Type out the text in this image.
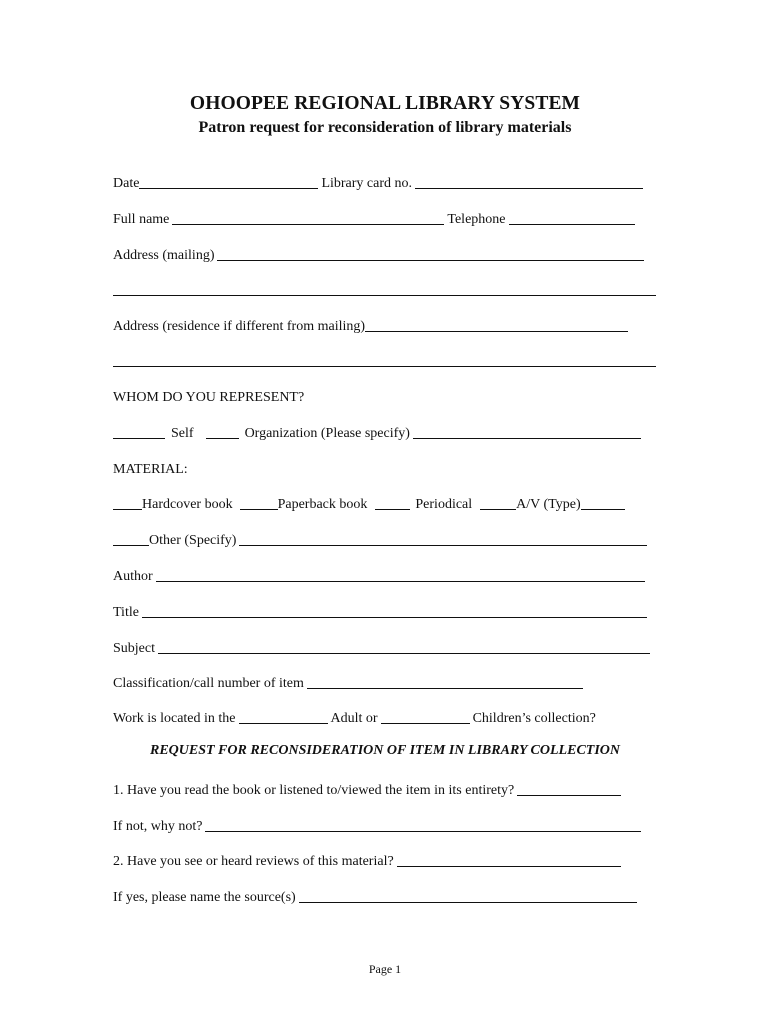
OHOOPEE REGIONAL LIBRARY SYSTEM
Patron request for reconsideration of library materials
Date	Library card no.
Full name	Telephone
Address (mailing)
Address (residence if different from mailing)
WHOM DO YOU REPRESENT?
Self	Organization (Please specify)
MATERIAL:
Hardcover book	Paperback book	Periodical	A/V (Type)
Other (Specify)
Author
Title
Subject
Classification/call number of item
Work is located in the	Adult or	Children’s collection?
REQUEST FOR RECONSIDERATION OF ITEM IN LIBRARY COLLECTION
1. Have you read the book or listened to/viewed the item in its entirety?
If not, why not?
2. Have you see or heard reviews of this material?
If yes, please name the source(s)
Page 1
